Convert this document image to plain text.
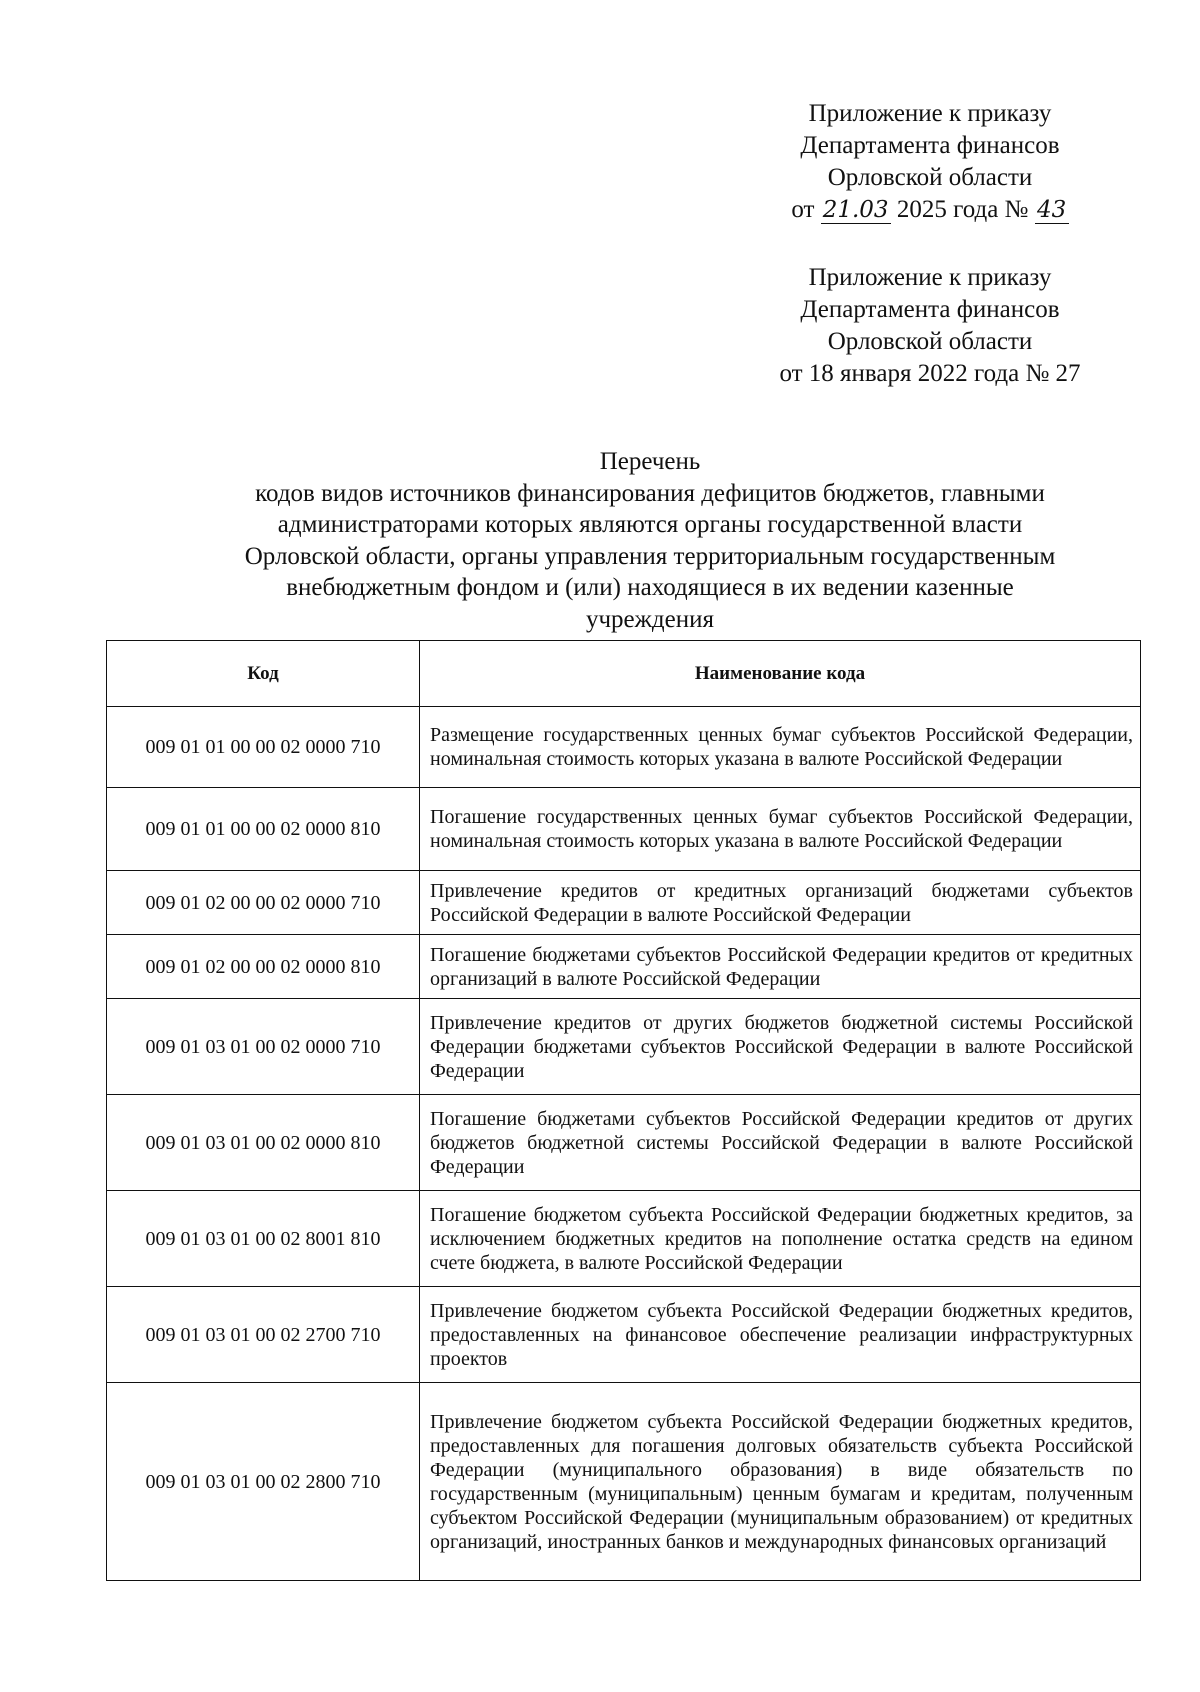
Приложение к приказу
Департамента финансов
Орловской области
от 21.03 2025 года № 43
Приложение к приказу
Департамента финансов
Орловской области
от 18 января 2022 года № 27
Перечень
кодов видов источников финансирования дефицитов бюджетов, главными
администраторами которых являются органы государственной власти
Орловской области, органы управления территориальным государственным
внебюджетным фондом и (или) находящиеся в их ведении казенные
учреждения
Код	Наименование кода
009 01 01 00 00 02 0000 710	Размещение государственных ценных бумаг субъектов Российской Федерации, номинальная стоимость которых указана в валюте Российской Федерации
009 01 01 00 00 02 0000 810	Погашение государственных ценных бумаг субъектов Российской Федерации, номинальная стоимость которых указана в валюте Российской Федерации
009 01 02 00 00 02 0000 710	Привлечение кредитов от кредитных организаций бюджетами субъектов Российской Федерации в валюте Российской Федерации
009 01 02 00 00 02 0000 810	Погашение бюджетами субъектов Российской Федерации кредитов от кредитных организаций в валюте Российской Федерации
009 01 03 01 00 02 0000 710	Привлечение кредитов от других бюджетов бюджетной системы Российской Федерации бюджетами субъектов Российской Федерации в валюте Российской Федерации
009 01 03 01 00 02 0000 810	Погашение бюджетами субъектов Российской Федерации кредитов от других бюджетов бюджетной системы Российской Федерации в валюте Российской Федерации
009 01 03 01 00 02 8001 810	Погашение бюджетом субъекта Российской Федерации бюджетных кредитов, за исключением бюджетных кредитов на пополнение остатка средств на едином счете бюджета, в валюте Российской Федерации
009 01 03 01 00 02 2700 710	Привлечение бюджетом субъекта Российской Федерации бюджетных кредитов, предоставленных на финансовое обеспечение реализации инфраструктурных проектов
009 01 03 01 00 02 2800 710	Привлечение бюджетом субъекта Российской Федерации бюджетных кредитов, предоставленных для погашения долговых обязательств субъекта Российской Федерации (муниципального образования) в виде обязательств по государственным (муниципальным) ценным бумагам и кредитам, полученным субъектом Российской Федерации (муниципальным образованием) от кредитных организаций, иностранных банков и международных финансовых организаций
